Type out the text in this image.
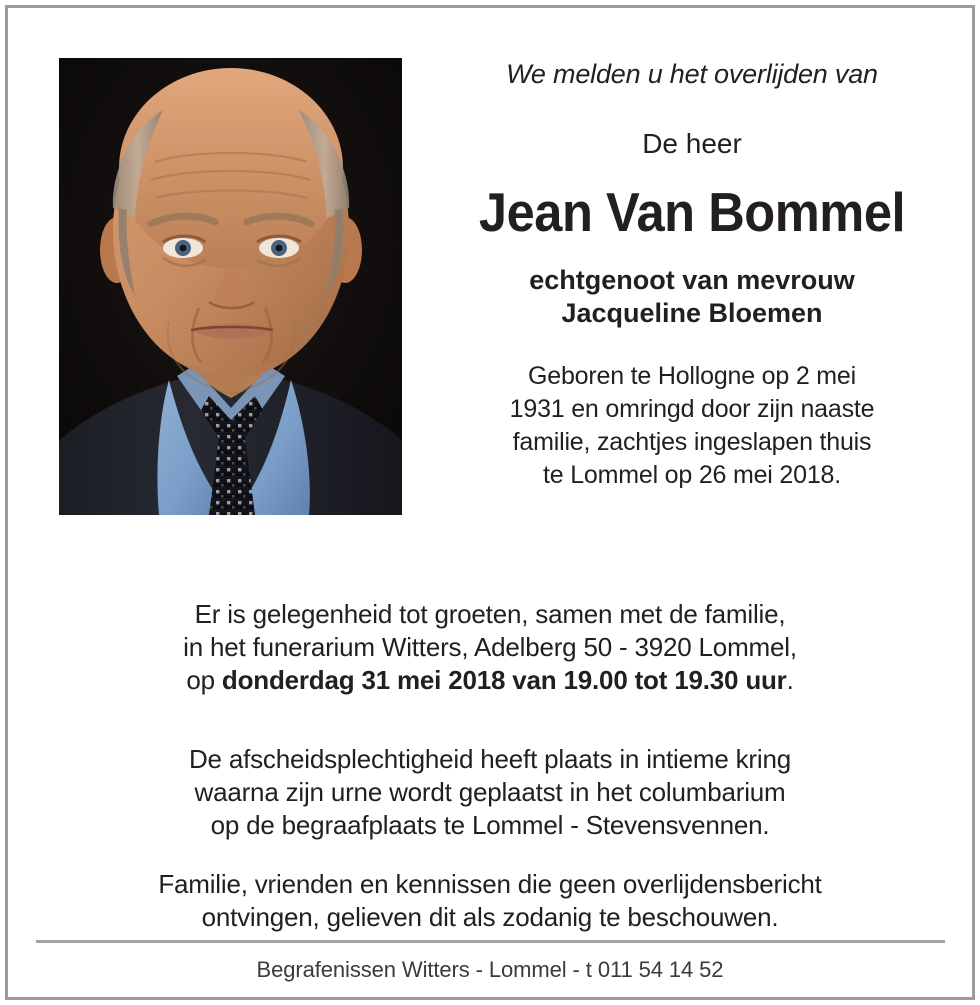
We melden u het overlijden van
De heer
Jean Van Bommel
echtgenoot van mevrouw
Jacqueline Bloemen
Geboren te Hollogne op 2 mei
1931 en omringd door zijn naaste
familie, zachtjes ingeslapen thuis
te Lommel op 26 mei 2018.
Er is gelegenheid tot groeten, samen met de familie,
in het funerarium Witters, Adelberg 50 - 3920 Lommel,
op donderdag 31 mei 2018 van 19.00 tot 19.30 uur.
De afscheidsplechtigheid heeft plaats in intieme kring
waarna zijn urne wordt geplaatst in het columbarium
op de begraafplaats te Lommel - Stevensvennen.
Familie, vrienden en kennissen die geen overlijdensbericht
ontvingen, gelieven dit als zodanig te beschouwen.
Begrafenissen Witters - Lommel - t 011 54 14 52
